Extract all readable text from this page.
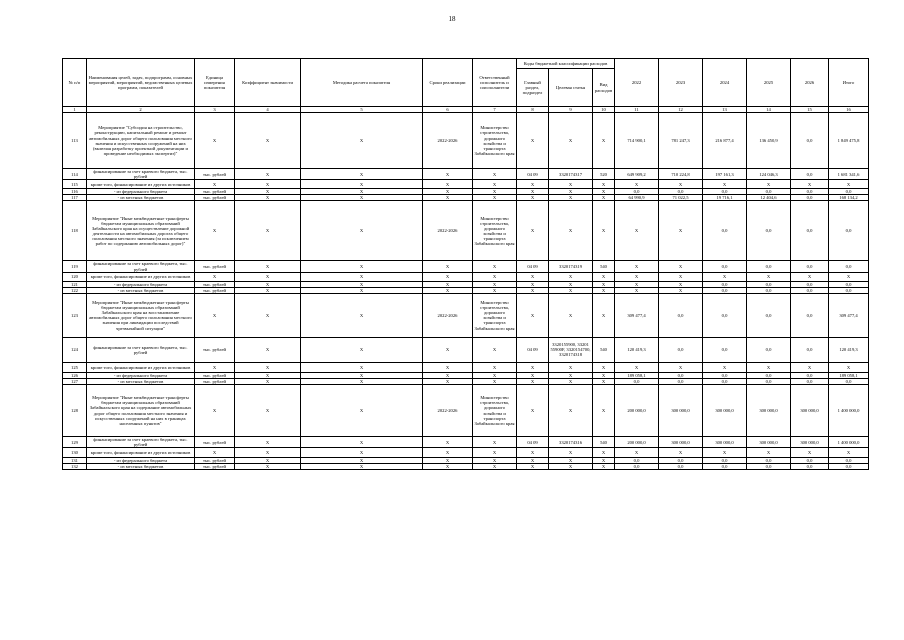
18
№ п/п	Наименования целей, задач, подпрограмм, основных мероприятий, мероприятий, ведомственных целевых программ, показателей	Единица измерения показателя	Коэффициент значимости	Методика расчета показателя	Сроки реализации	Ответственный исполнитель и соисполнители	Коды бюджетной классификации расходов			2022	2023	2024	2025	2026	Итого
							Главный раздел, подраздел	Целевая статья	Вид расходов						
1	2	3	4	5	6	7	8	9	10	11	12	13	14	15	16
113	Мероприятие "Субсидия на строительство, реконструкцию, капитальный ремонт и ремонт автомобильных дорог общего пользования местного значения и искусственных сооружений на них (включая разработку проектной документации и проведение необходимых экспертиз)"	X	X	X	2022-2026	Министерство строительства, дорожного хозяйства и транспорта Забайкальского края	X	X	X	714 900,1	781 247,3	216 877,4	136 450,9	0,0	1 849 475,8
114	финансирование за счет краевого бюджета, тыс. рублей	тыс. рублей	X	X	X	X	04 09	3320174317	520	649 909,2	710 224,8	197 161,3	124 046,3	0,0	1 681 341,6
115	кроме того, финансирование из других источников	X	X	X	X	X	X	X	X	X	X	X	X	X	X
116	- из федерального бюджета	тыс. рублей	X	X	X	X	X	X	X	0,0	0,0	0,0	0,0	0,0	0,0
117	- из местных бюджетов	тыс. рублей	X	X	X	X	X	X	X	64 990,9	71 022,5	19 716,1	12 404,6	0,0	168 134,2
118	Мероприятие "Иные межбюджетные трансферты бюджетам муниципальных образований Забайкальского края на осуществление дорожной деятельности на автомобильных дорогах общего пользования местного значения (за исключением работ по содержанию автомобильных дорог)"	X	X	X	2022-2026	Министерство строительства, дорожного хозяйства и транспорта Забайкальского края	X	X	X	X	X	0,0	0,0	0,0	0,0
119	финансирование за счет краевого бюджета, тыс. рублей	тыс. рублей	X	X	X	X	04 09	3320174319	540	X	X	0,0	0,0	0,0	0,0
120	кроме того, финансирование из других источников	X	X	X	X	X	X	X	X	X	X	X	X	X	X
121	- из федерального бюджета	тыс. рублей	X	X	X	X	X	X	X	X	X	0,0	0,0	0,0	0,0
122	- из местных бюджетов	тыс. рублей	X	X	X	X	X	X	X	X	X	0,0	0,0	0,0	0,0
123	Мероприятие "Иные межбюджетные трансферты бюджетам муниципальных образований Забайкальского края на восстановление автомобильных дорог общего пользования местного значения при ликвидации последствий чрезвычайной ситуации"	X	X	X	2022-2026	Министерство строительства, дорожного хозяйства и транспорта Забайкальского края	X	X	X	309 477,4	0,0	0,0	0,0	0,0	309 477,4
124	финансирование за счет краевого бюджета, тыс. рублей	тыс. рублей	X	X	X	X	04 09	3320155900, 33201 55900F, 3320154700, 3320174318	540	120 419,3	0,0	0,0	0,0	0,0	120 419,3
125	кроме того, финансирование из других источников	X	X	X	X	X	X	X	X	X	X	X	X	X	X
126	- из федерального бюджета	тыс. рублей	X	X	X	X	X	X	X	189 058,1	0,0	0,0	0,0	0,0	189 058,1
127	- из местных бюджетов	тыс. рублей	X	X	X	X	X	X	X	0,0	0,0	0,0	0,0	0,0	0,0
128	Мероприятие "Иные межбюджетные трансферты бюджетам муниципальных образований Забайкальского края на содержание автомобильных дорог общего пользования местного значения и искусственных сооружений на них в границах населенных пунктов"	X	X	X	2022-2026	Министерство строительства, дорожного хозяйства и транспорта Забайкальского края	X	X	X	200 000,0	300 000,0	300 000,0	300 000,0	300 000,0	1 400 000,0
129	финансирование за счет краевого бюджета, тыс. рублей	тыс. рублей	X	X	X	X	04 09	3320174316	540	200 000,0	300 000,0	300 000,0	300 000,0	300 000,0	1 400 000,0
130	кроме того, финансирование из других источников	X	X	X	X	X	X	X	X	X	X	X	X	X	X
131	- из федерального бюджета	тыс. рублей	X	X	X	X	X	X	X	0,0	0,0	0,0	0,0	0,0	0,0
132	- из местных бюджетов	тыс. рублей	X	X	X	X	X	X	X	0,0	0,0	0,0	0,0	0,0	0,0
